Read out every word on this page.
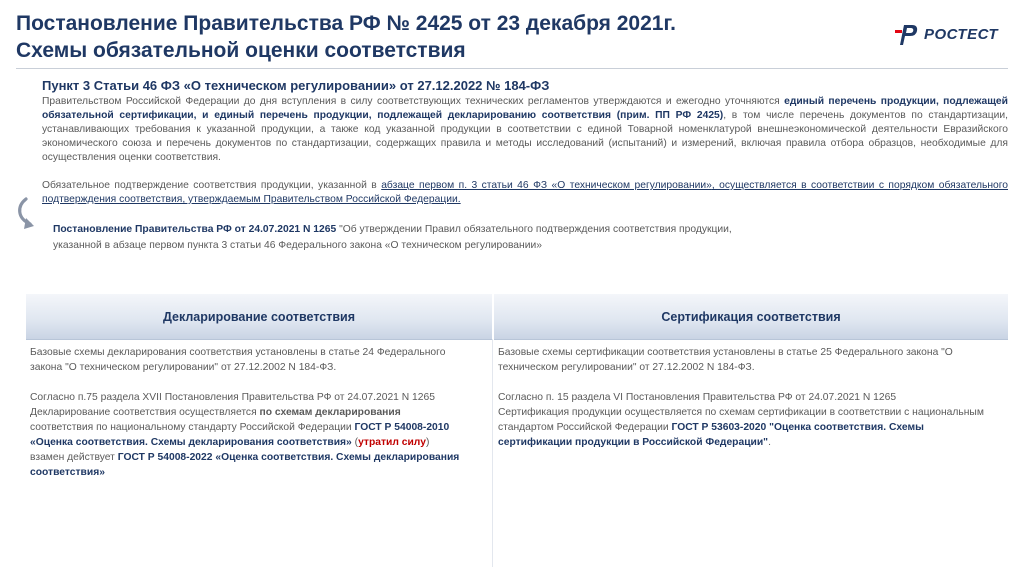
Постановление Правительства РФ № 2425 от 23 декабря 2021г.
Схемы обязательной оценки соответствия
РОСТЕСТ
Пункт 3 Статьи 46 ФЗ «О техническом регулировании» от 27.12.2022 № 184-ФЗ
Правительством Российской Федерации до дня вступления в силу соответствующих технических регламентов утверждаются и ежегодно уточняются единый перечень продукции, подлежащей обязательной сертификации, и единый перечень продукции, подлежащей декларированию соответствия (прим. ПП РФ 2425), в том числе перечень документов по стандартизации, устанавливающих требования к указанной продукции, а также код указанной продукции в соответствии с единой Товарной номенклатурой внешнеэкономической деятельности Евразийского экономического союза и перечень документов по стандартизации, содержащих правила и методы исследований (испытаний) и измерений, включая правила отбора образцов, необходимые для осуществления оценки соответствия.
Обязательное подтверждение соответствия продукции, указанной в абзаце первом п. 3 статьи 46 ФЗ «О техническом регулировании», осуществляется в соответствии с порядком обязательного подтверждения соответствия, утверждаемым Правительством Российской Федерации.
Постановление Правительства РФ от 24.07.2021 N 1265 "Об утверждении Правил обязательного подтверждения соответствия продукции, указанной в абзаце первом пункта 3 статьи 46 Федерального закона «О техническом регулировании»
Декларирование соответствия	Сертификация соответствия

Базовые схемы декларирования соответствия установлены в статье 24 Федерального закона "О техническом регулировании" от 27.12.2002 N 184-ФЗ.

Согласно п.75 раздела XVII Постановления Правительства РФ от 24.07.2021 N 1265
Декларирование соответствия осуществляется по схемам декларирования соответствия по национальному стандарту Российской Федерации ГОСТ Р 54008-2010 «Оценка соответствия. Схемы декларирования соответствия» (утратил силу)
взамен действует ГОСТ Р 54008-2022 «Оценка соответствия. Схемы декларирования соответствия»

Базовые схемы сертификации соответствия установлены в статье 25 Федерального закона "О техническом регулировании" от 27.12.2002 N 184-ФЗ.

Согласно п. 15 раздела VI Постановления Правительства РФ от 24.07.2021 N 1265
Сертификация продукции осуществляется по схемам сертификации в соответствии с национальным стандартом Российской Федерации ГОСТ Р 53603-2020 "Оценка соответствия. Схемы сертификации продукции в Российской Федерации".
